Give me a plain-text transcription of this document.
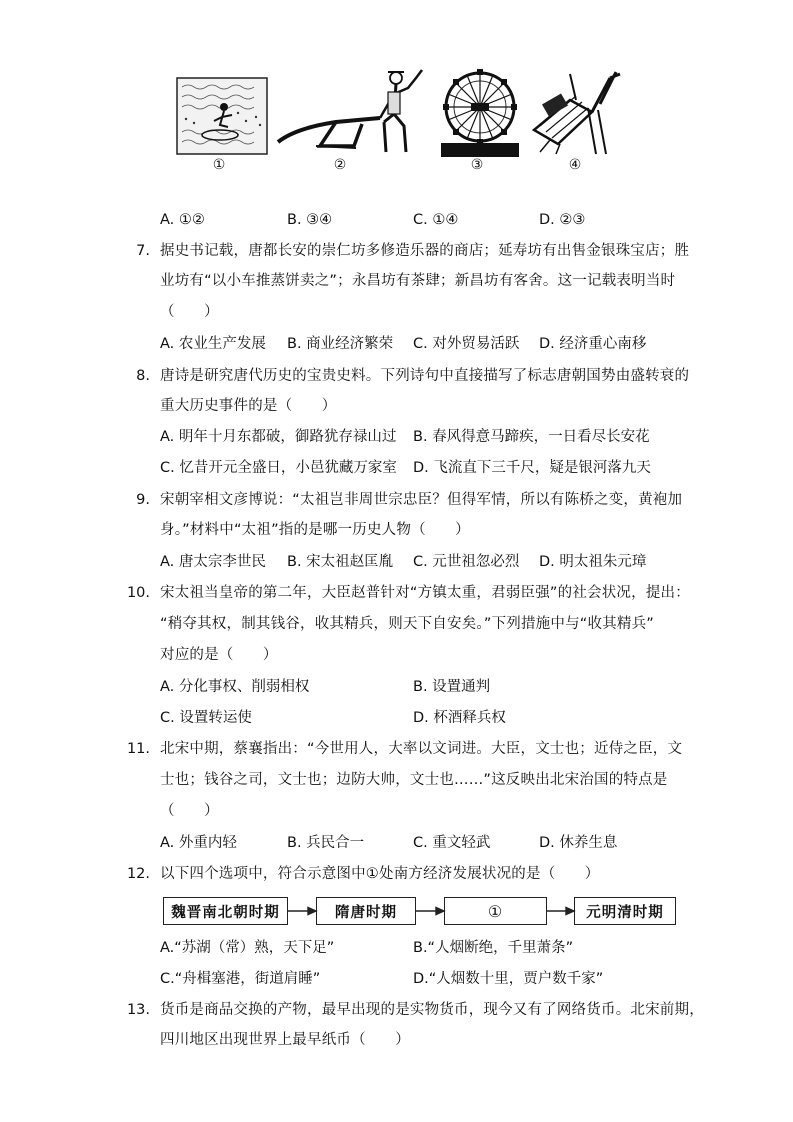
①	②	③	④
A. ①②	B. ③④	C. ①④	D. ②③
7. 据史书记载，唐都长安的崇仁坊多修造乐器的商店；延寿坊有出售金银珠宝店；胜
业坊有“以小车推蒸饼卖之”；永昌坊有茶肆；新昌坊有客舍。这一记载表明当时
（　　）
A. 农业生产发展 B. 商业经济繁荣 C. 对外贸易活跃 D. 经济重心南移
8. 唐诗是研究唐代历史的宝贵史料。下列诗句中直接描写了标志唐朝国势由盛转衰的
重大历史事件的是（　　）
A. 明年十月东都破，御路犹存禄山过 B. 春风得意马蹄疾，一日看尽长安花
C. 忆昔开元全盛日，小邑犹藏万家室 D. 飞流直下三千尺，疑是银河落九天
9. 宋朝宰相文彦博说：“太祖岂非周世宗忠臣？但得军情，所以有陈桥之变，黄袍加
身。”材料中“太祖”指的是哪一历史人物（　　）
A. 唐太宗李世民 B. 宋太祖赵匡胤 C. 元世祖忽必烈 D. 明太祖朱元璋
10. 宋太祖当皇帝的第二年，大臣赵普针对“方镇太重，君弱臣强”的社会状况，提出：
“稍夺其权，制其钱谷，收其精兵，则天下自安矣。”下列措施中与“收其精兵”
对应的是（　　）
A. 分化事权、削弱相权	B. 设置通判
C. 设置转运使	D. 杯酒释兵权
11. 北宋中期，蔡襄指出：“今世用人，大率以文词进。大臣，文士也；近侍之臣，文
士也；钱谷之司，文士也；边防大帅，文士也……”这反映出北宋治国的特点是
（　　）
A. 外重内轻	B. 兵民合一	C. 重文轻武	D. 休养生息
12. 以下四个选项中，符合示意图中①处南方经济发展状况的是（　　）
魏晋南北朝时期	隋唐时期	①	元明清时期
A.“苏湖（常）熟，天下足”	B.“人烟断绝，千里萧条”
C.“舟楫塞港，街道肩睡”	D.“人烟数十里，贾户数千家”
13. 货币是商品交换的产物，最早出现的是实物货币，现今又有了网络货币。北宋前期，
四川地区出现世界上最早纸币（　　）
